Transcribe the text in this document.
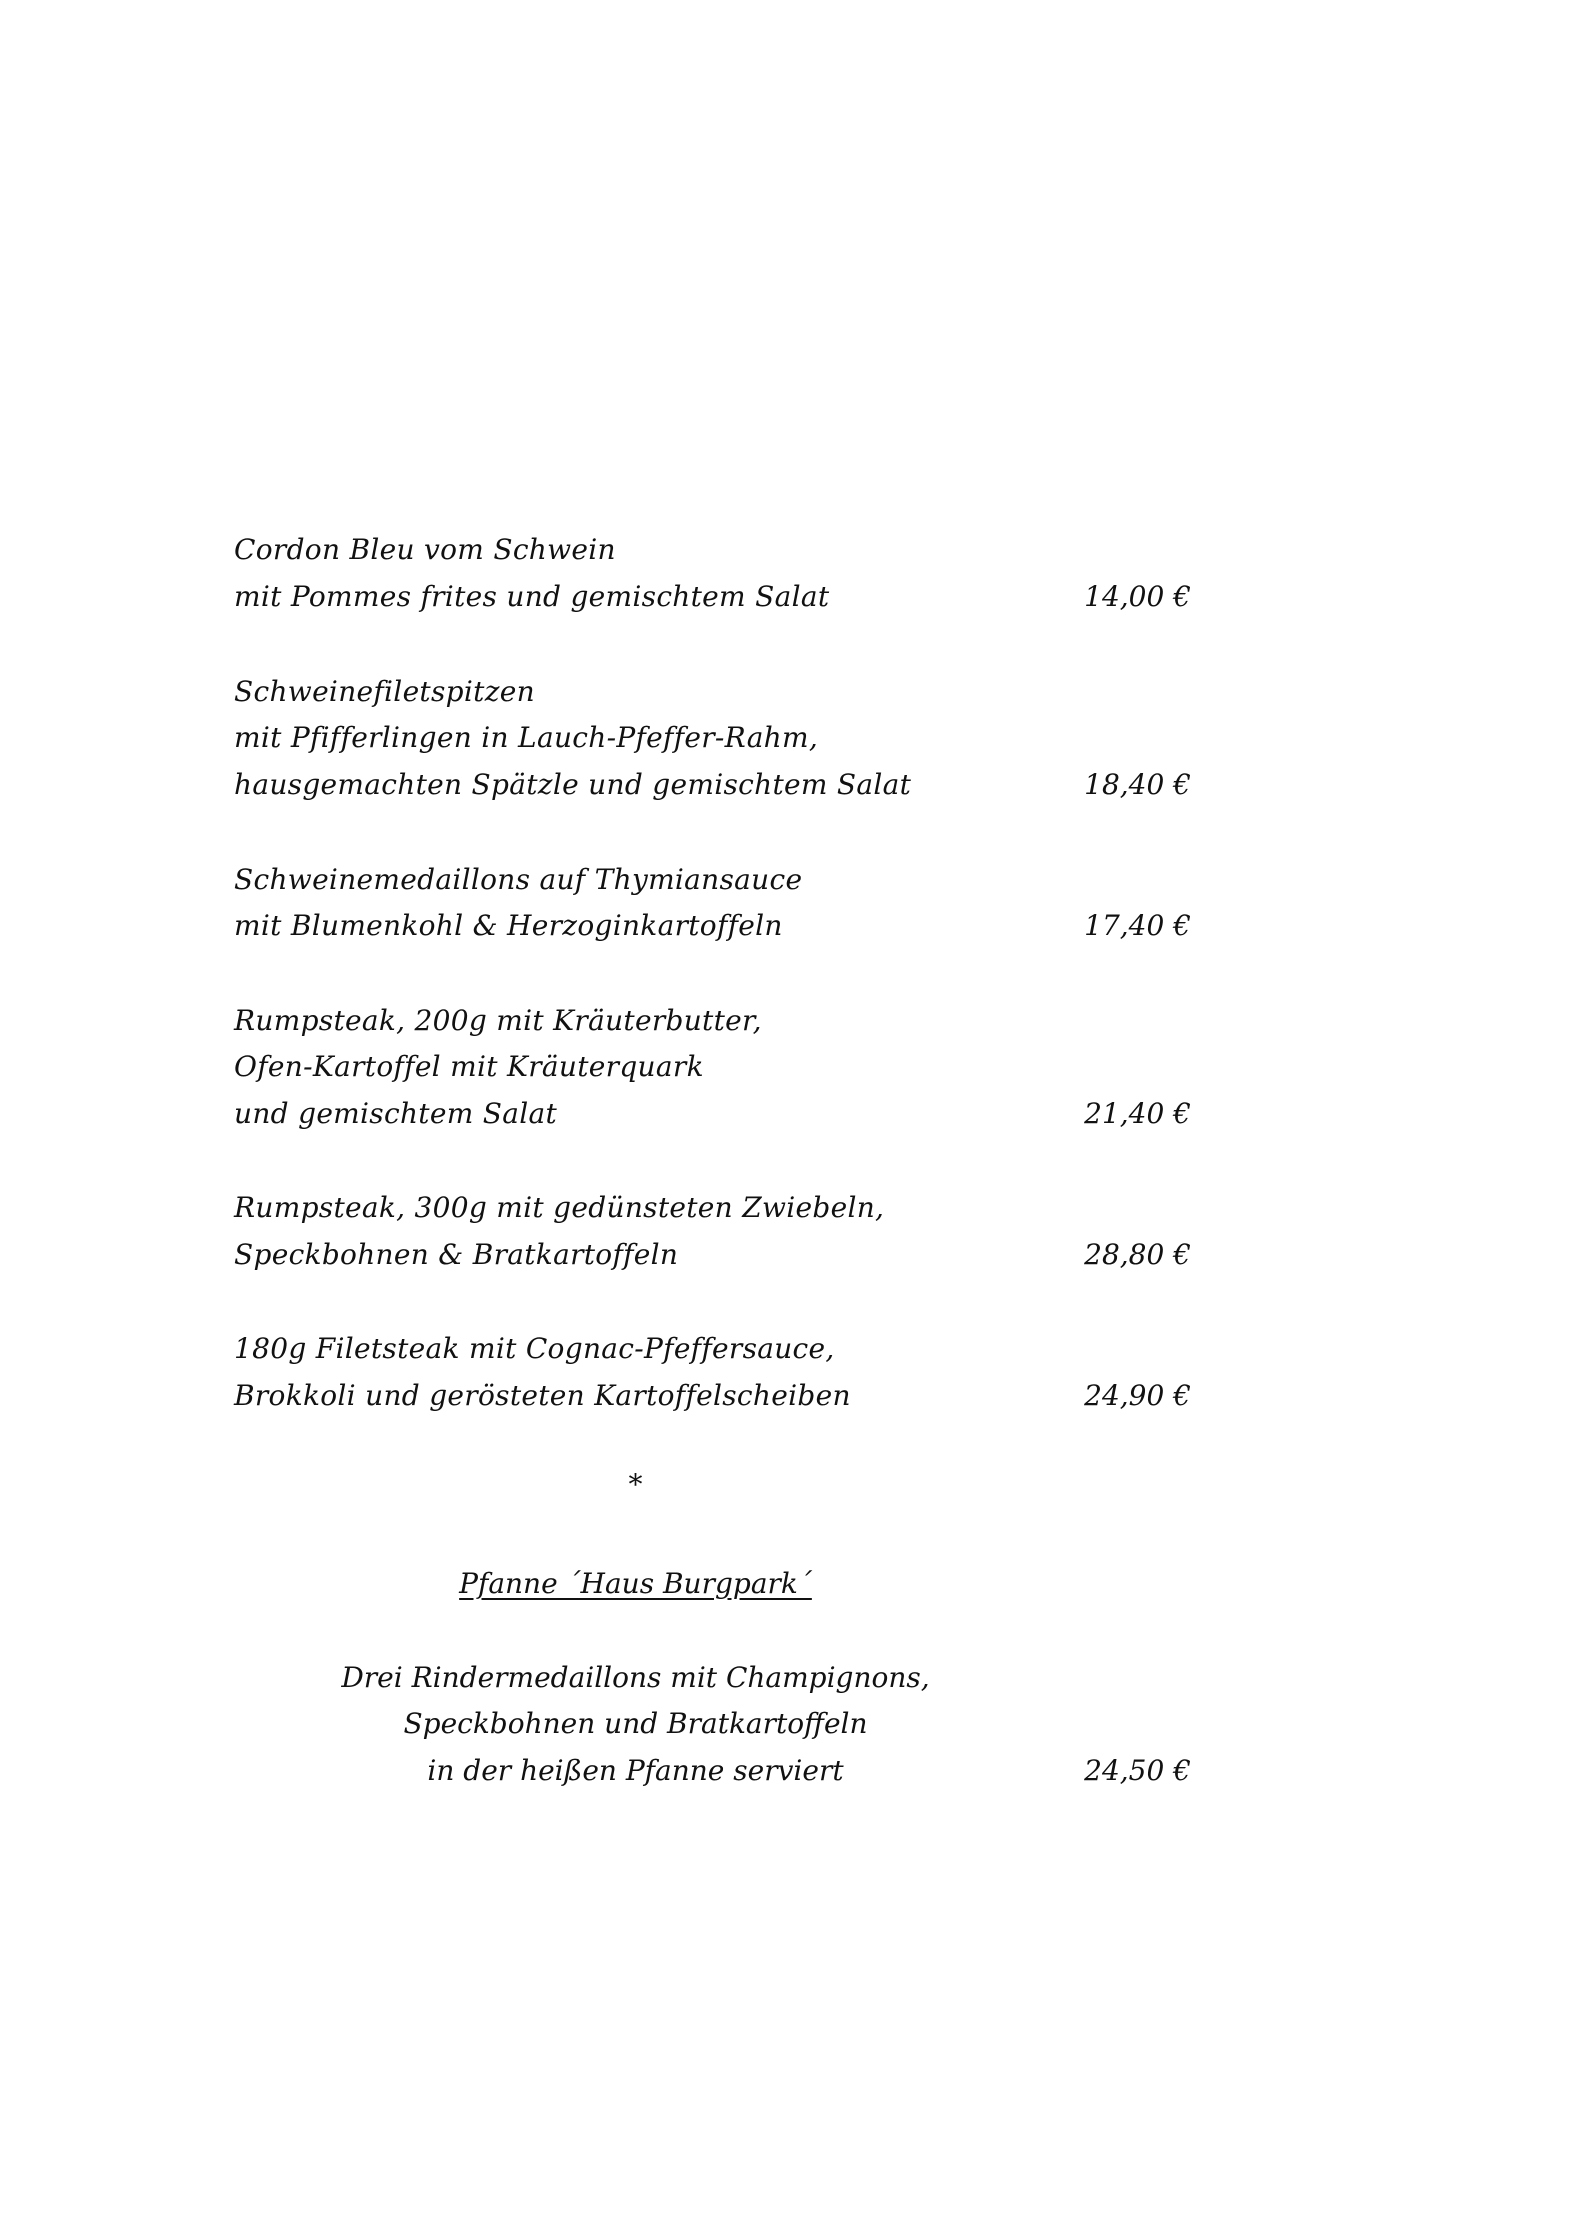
Cordon Bleu vom Schwein
mit Pommes frites und gemischtem Salat	14,00 €
Schweinefiletspitzen
mit Pfifferlingen in Lauch-Pfeffer-Rahm,
hausgemachten Spätzle und gemischtem Salat	18,40 €
Schweinemedaillons auf Thymiansauce
mit Blumenkohl & Herzoginkartoffeln	17,40 €
Rumpsteak, 200g mit Kräuterbutter,
Ofen-Kartoffel mit Kräuterquark
und gemischtem Salat	21,40 €
Rumpsteak, 300g mit gedünsteten Zwiebeln,
Speckbohnen & Bratkartoffeln	28,80 €
180g Filetsteak mit Cognac-Pfeffersauce,
Brokkoli und gerösteten Kartoffelscheiben	24,90 €
*
Pfanne ´Haus Burgpark´
Drei Rindermedaillons mit Champignons,
Speckbohnen und Bratkartoffeln
in der heißen Pfanne serviert	24,50 €
